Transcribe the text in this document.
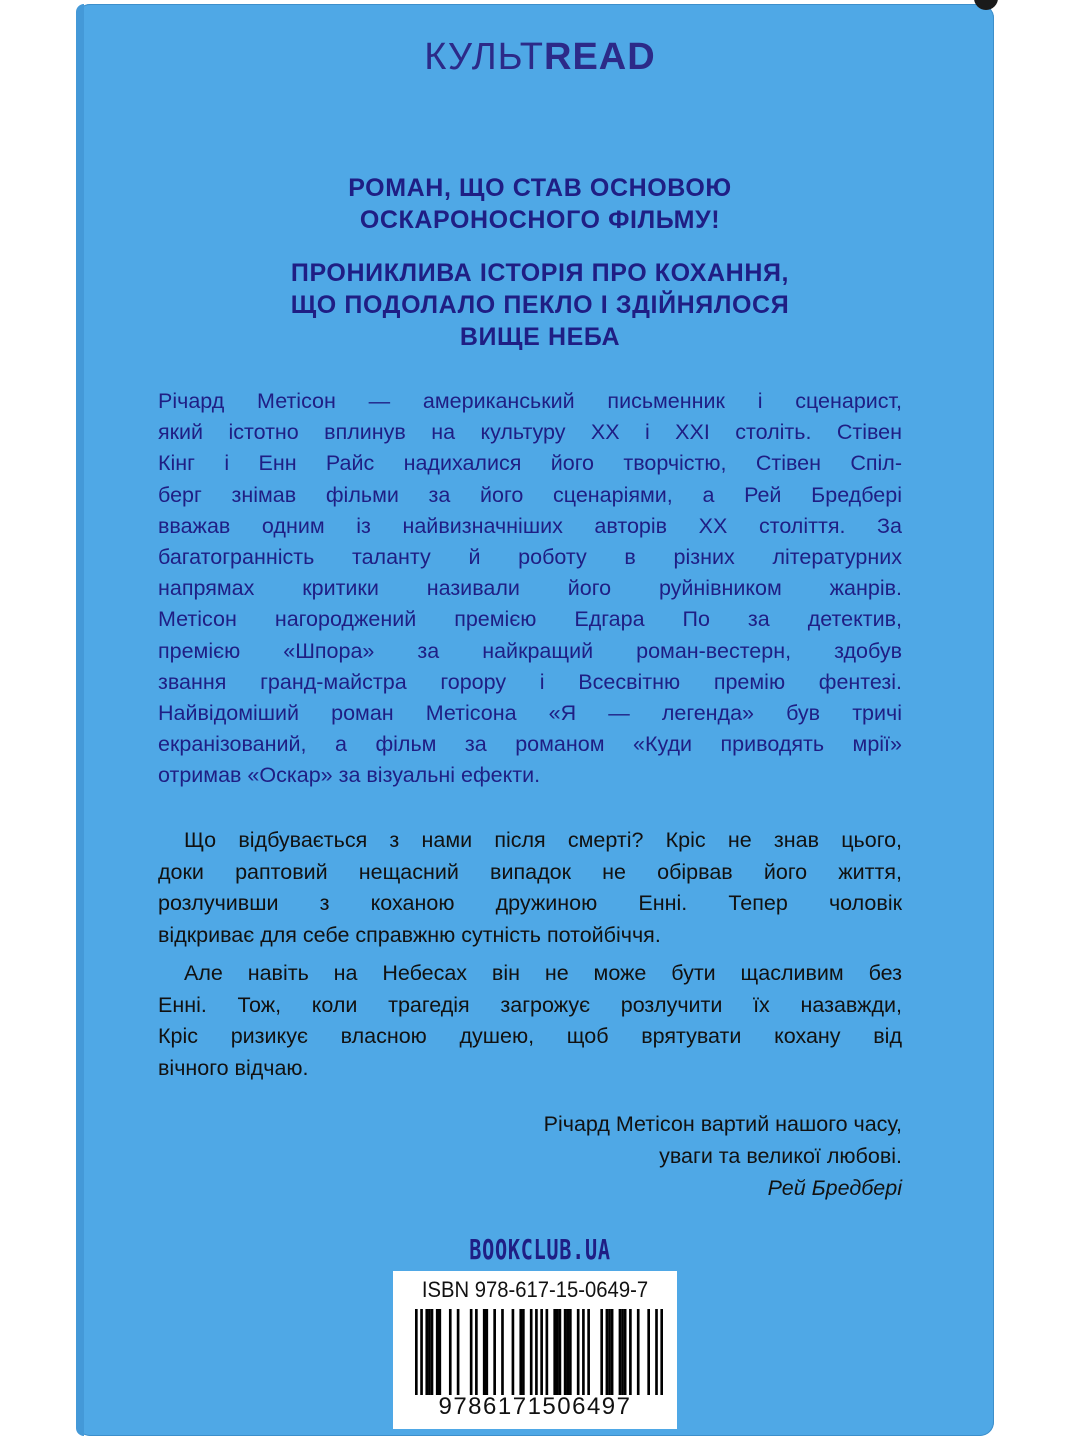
КУЛЬТREAD
РОМАН, ЩО СТАВ ОСНОВОЮ
ОСКАРОНОСНОГО ФІЛЬМУ!
ПРОНИКЛИВА ІСТОРІЯ ПРО КОХАННЯ,
ЩО ПОДОЛАЛО ПЕКЛО І ЗДІЙНЯЛОСЯ
ВИЩЕ НЕБА
Річард Метісон — американський письменник і сценарист,
який істотно вплинув на культуру XX і XXI століть. Стівен
Кінг і Енн Райс надихалися його творчістю, Стівен Спіл-
берг знімав фільми за його сценаріями, а Рей Бредбері
вважав одним із найвизначніших авторів XX століття. За
багатогранність таланту й роботу в різних літературних
напрямах критики називали його руйнівником жанрів.
Метісон нагороджений премією Едгара По за детектив,
премією «Шпора» за найкращий роман-вестерн, здобув
звання гранд-майстра горору і Всесвітню премію фентезі.
Найвідоміший роман Метісона «Я — легенда» був тричі
екранізований, а фільм за романом «Куди приводять мрії»
отримав «Оскар» за візуальні ефекти.
Що відбувається з нами після смерті? Кріс не знав цього,
доки раптовий нещасний випадок не обірвав його життя,
розлучивши з коханою дружиною Енні. Тепер чоловік
відкриває для себе справжню сутність потойбіччя.
Але навіть на Небесах він не може бути щасливим без
Енні. Тож, коли трагедія загрожує розлучити їх назавжди,
Кріс ризикує власною душею, щоб врятувати кохану від
вічного відчаю.
Річард Метісон вартий нашого часу,
уваги та великої любові.
Рей Бредбері
BOOKCLUB.UA
ISBN 978-617-15-0649-7
9786171506497
